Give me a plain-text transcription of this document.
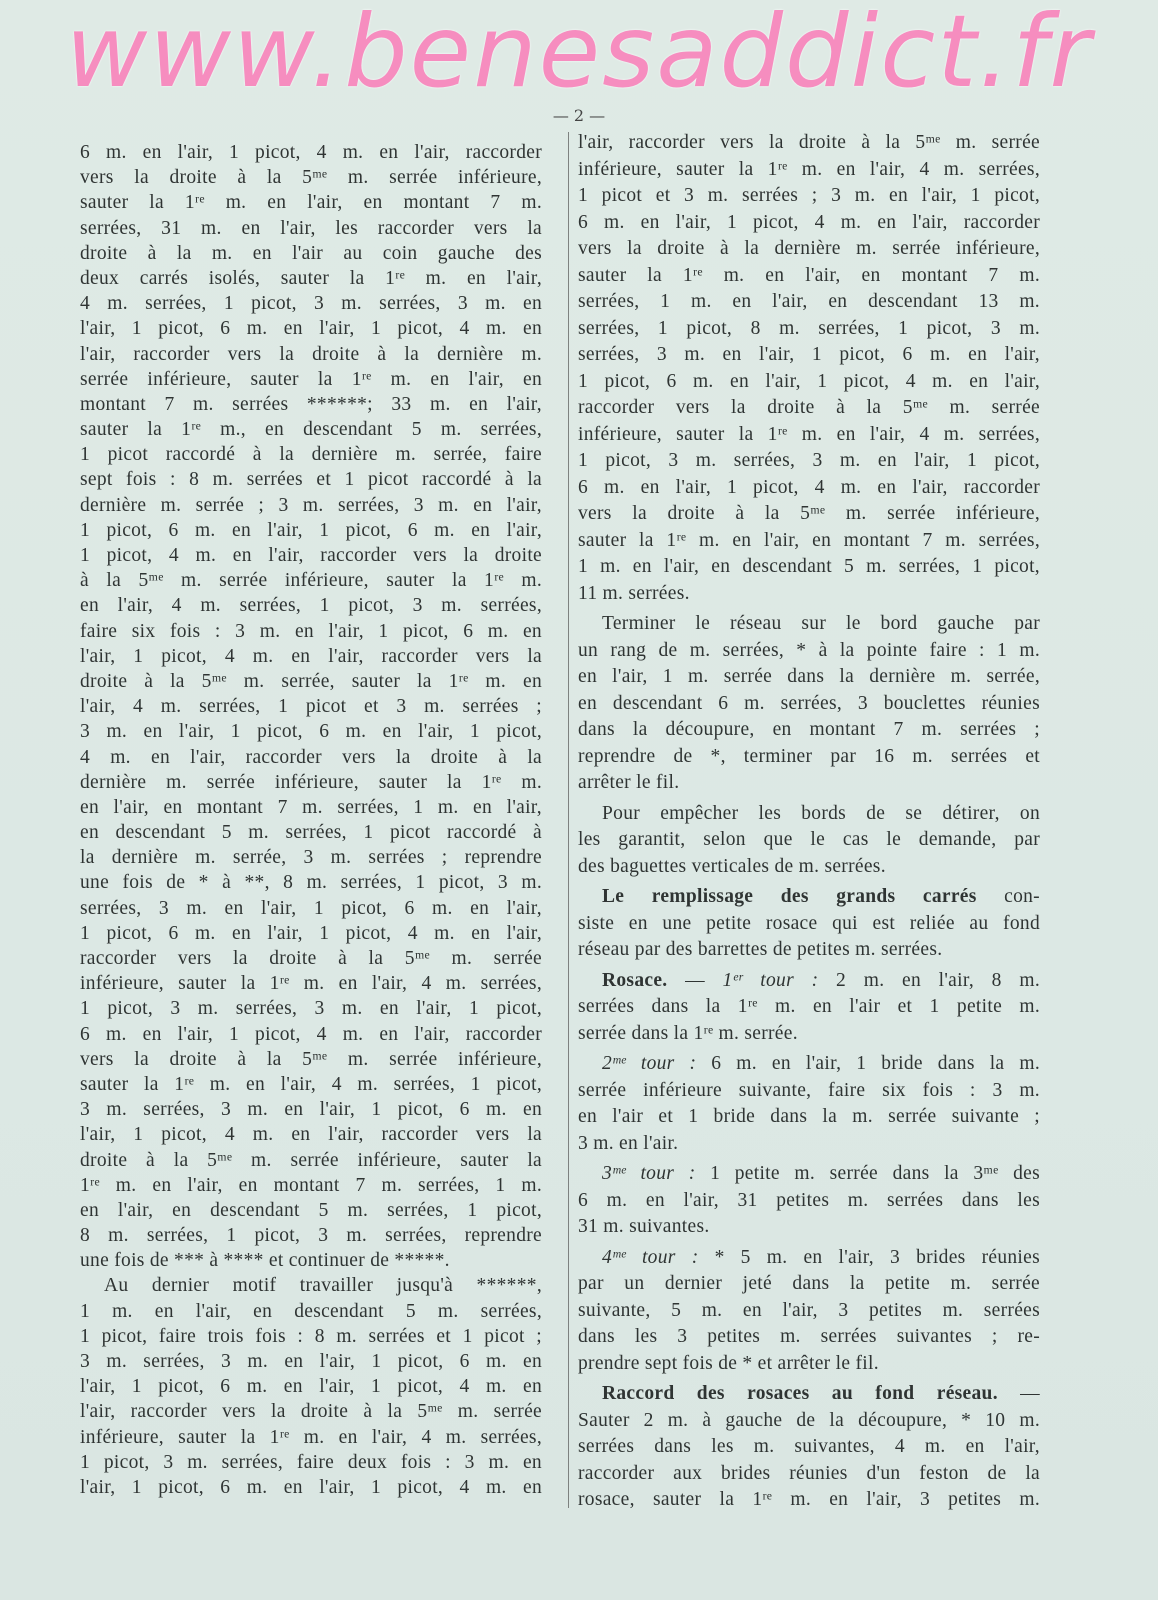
www.benesaddict.fr
— 2 —
6 m. en l'air, 1 picot, 4 m. en l'air, raccorder
vers la droite à la 5ᵐᵉ m. serrée inférieure,
sauter la 1ʳᵉ m. en l'air, en montant 7 m.
serrées, 31 m. en l'air, les raccorder vers la
droite à la m. en l'air au coin gauche des
deux carrés isolés, sauter la 1ʳᵉ m. en l'air,
4 m. serrées, 1 picot, 3 m. serrées, 3 m. en
l'air, 1 picot, 6 m. en l'air, 1 picot, 4 m. en
l'air, raccorder vers la droite à la dernière m.
serrée inférieure, sauter la 1ʳᵉ m. en l'air, en
montant 7 m. serrées ******; 33 m. en l'air,
sauter la 1ʳᵉ m., en descendant 5 m. serrées,
1 picot raccordé à la dernière m. serrée, faire
sept fois : 8 m. serrées et 1 picot raccordé à la
dernière m. serrée ; 3 m. serrées, 3 m. en l'air,
1 picot, 6 m. en l'air, 1 picot, 6 m. en l'air,
1 picot, 4 m. en l'air, raccorder vers la droite
à la 5ᵐᵉ m. serrée inférieure, sauter la 1ʳᵉ m.
en l'air, 4 m. serrées, 1 picot, 3 m. serrées,
faire six fois : 3 m. en l'air, 1 picot, 6 m. en
l'air, 1 picot, 4 m. en l'air, raccorder vers la
droite à la 5ᵐᵉ m. serrée, sauter la 1ʳᵉ m. en
l'air, 4 m. serrées, 1 picot et 3 m. serrées ;
3 m. en l'air, 1 picot, 6 m. en l'air, 1 picot,
4 m. en l'air, raccorder vers la droite à la
dernière m. serrée inférieure, sauter la 1ʳᵉ m.
en l'air, en montant 7 m. serrées, 1 m. en l'air,
en descendant 5 m. serrées, 1 picot raccordé à
la dernière m. serrée, 3 m. serrées ; reprendre
une fois de * à **, 8 m. serrées, 1 picot, 3 m.
serrées, 3 m. en l'air, 1 picot, 6 m. en l'air,
1 picot, 6 m. en l'air, 1 picot, 4 m. en l'air,
raccorder vers la droite à la 5ᵐᵉ m. serrée
inférieure, sauter la 1ʳᵉ m. en l'air, 4 m. serrées,
1 picot, 3 m. serrées, 3 m. en l'air, 1 picot,
6 m. en l'air, 1 picot, 4 m. en l'air, raccorder
vers la droite à la 5ᵐᵉ m. serrée inférieure,
sauter la 1ʳᵉ m. en l'air, 4 m. serrées, 1 picot,
3 m. serrées, 3 m. en l'air, 1 picot, 6 m. en
l'air, 1 picot, 4 m. en l'air, raccorder vers la
droite à la 5ᵐᵉ m. serrée inférieure, sauter la
1ʳᵉ m. en l'air, en montant 7 m. serrées, 1 m.
en l'air, en descendant 5 m. serrées, 1 picot,
8 m. serrées, 1 picot, 3 m. serrées, reprendre
une fois de *** à **** et continuer de *****.
Au dernier motif travailler jusqu'à ******,
1 m. en l'air, en descendant 5 m. serrées,
1 picot, faire trois fois : 8 m. serrées et 1 picot ;
3 m. serrées, 3 m. en l'air, 1 picot, 6 m. en
l'air, 1 picot, 6 m. en l'air, 1 picot, 4 m. en
l'air, raccorder vers la droite à la 5ᵐᵉ m. serrée
inférieure, sauter la 1ʳᵉ m. en l'air, 4 m. serrées,
1 picot, 3 m. serrées, faire deux fois : 3 m. en
l'air, 1 picot, 6 m. en l'air, 1 picot, 4 m. en
l'air, raccorder vers la droite à la 5ᵐᵉ m. serrée
inférieure, sauter la 1ʳᵉ m. en l'air, 4 m. serrées,
1 picot et 3 m. serrées ; 3 m. en l'air, 1 picot,
6 m. en l'air, 1 picot, 4 m. en l'air, raccorder
vers la droite à la dernière m. serrée inférieure,
sauter la 1ʳᵉ m. en l'air, en montant 7 m.
serrées, 1 m. en l'air, en descendant 13 m.
serrées, 1 picot, 8 m. serrées, 1 picot, 3 m.
serrées, 3 m. en l'air, 1 picot, 6 m. en l'air,
1 picot, 6 m. en l'air, 1 picot, 4 m. en l'air,
raccorder vers la droite à la 5ᵐᵉ m. serrée
inférieure, sauter la 1ʳᵉ m. en l'air, 4 m. serrées,
1 picot, 3 m. serrées, 3 m. en l'air, 1 picot,
6 m. en l'air, 1 picot, 4 m. en l'air, raccorder
vers la droite à la 5ᵐᵉ m. serrée inférieure,
sauter la 1ʳᵉ m. en l'air, en montant 7 m. serrées,
1 m. en l'air, en descendant 5 m. serrées, 1 picot,
11 m. serrées.
Terminer le réseau sur le bord gauche par
un rang de m. serrées, * à la pointe faire : 1 m.
en l'air, 1 m. serrée dans la dernière m. serrée,
en descendant 6 m. serrées, 3 bouclettes réunies
dans la découpure, en montant 7 m. serrées ;
reprendre de *, terminer par 16 m. serrées et
arrêter le fil.
Pour empêcher les bords de se détirer, on
les garantit, selon que le cas le demande, par
des baguettes verticales de m. serrées.
Le remplissage des grands carrés con-
siste en une petite rosace qui est reliée au fond
réseau par des barrettes de petites m. serrées.
Rosace. — 1ᵉʳ tour : 2 m. en l'air, 8 m.
serrées dans la 1ʳᵉ m. en l'air et 1 petite m.
serrée dans la 1ʳᵉ m. serrée.
2ᵐᵉ tour : 6 m. en l'air, 1 bride dans la m.
serrée inférieure suivante, faire six fois : 3 m.
en l'air et 1 bride dans la m. serrée suivante ;
3 m. en l'air.
3ᵐᵉ tour : 1 petite m. serrée dans la 3ᵐᵉ des
6 m. en l'air, 31 petites m. serrées dans les
31 m. suivantes.
4ᵐᵉ tour : * 5 m. en l'air, 3 brides réunies
par un dernier jeté dans la petite m. serrée
suivante, 5 m. en l'air, 3 petites m. serrées
dans les 3 petites m. serrées suivantes ; re-
prendre sept fois de * et arrêter le fil.
Raccord des rosaces au fond réseau. —
Sauter 2 m. à gauche de la découpure, * 10 m.
serrées dans les m. suivantes, 4 m. en l'air,
raccorder aux brides réunies d'un feston de la
rosace, sauter la 1ʳᵉ m. en l'air, 3 petites m.
